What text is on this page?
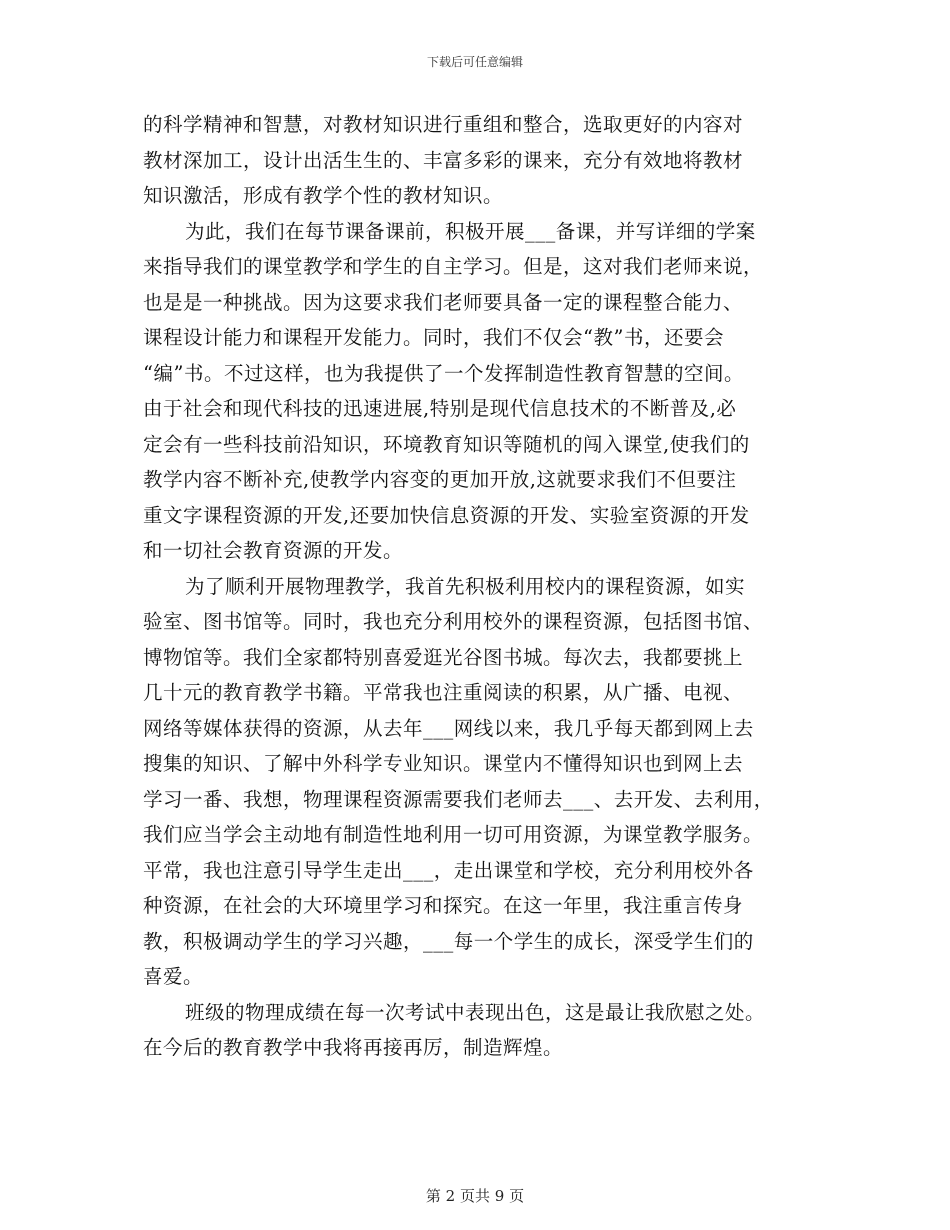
下载后可任意编辑
的科学精神和智慧，对教材知识进行重组和整合，选取更好的内容对
教材深加工，设计出活生生的、丰富多彩的课来，充分有效地将教材
知识激活，形成有教学个性的教材知识。
为此，我们在每节课备课前，积极开展___备课，并写详细的学案
来指导我们的课堂教学和学生的自主学习。但是，这对我们老师来说，
也是是一种挑战。因为这要求我们老师要具备一定的课程整合能力、
课程设计能力和课程开发能力。同时，我们不仅会“教”书，还要会
“编”书。不过这样，也为我提供了一个发挥制造性教育智慧的空间。
由于社会和现代科技的迅速进展,特别是现代信息技术的不断普及,必
定会有一些科技前沿知识，环境教育知识等随机的闯入课堂,使我们的
教学内容不断补充,使教学内容变的更加开放,这就要求我们不但要注
重文字课程资源的开发,还要加快信息资源的开发、实验室资源的开发
和一切社会教育资源的开发。
为了顺利开展物理教学，我首先积极利用校内的课程资源，如实
验室、图书馆等。同时，我也充分利用校外的课程资源，包括图书馆、
博物馆等。我们全家都特别喜爱逛光谷图书城。每次去，我都要挑上
几十元的教育教学书籍。平常我也注重阅读的积累，从广播、电视、
网络等媒体获得的资源，从去年___网线以来，我几乎每天都到网上去
搜集的知识、了解中外科学专业知识。课堂内不懂得知识也到网上去
学习一番、我想，物理课程资源需要我们老师去___、去开发、去利用，
我们应当学会主动地有制造性地利用一切可用资源，为课堂教学服务。
平常，我也注意引导学生走出___，走出课堂和学校，充分利用校外各
种资源，在社会的大环境里学习和探究。在这一年里，我注重言传身
教，积极调动学生的学习兴趣，___每一个学生的成长，深受学生们的
喜爱。
班级的物理成绩在每一次考试中表现出色，这是最让我欣慰之处。
在今后的教育教学中我将再接再厉，制造辉煌。
第 2 页共 9 页
